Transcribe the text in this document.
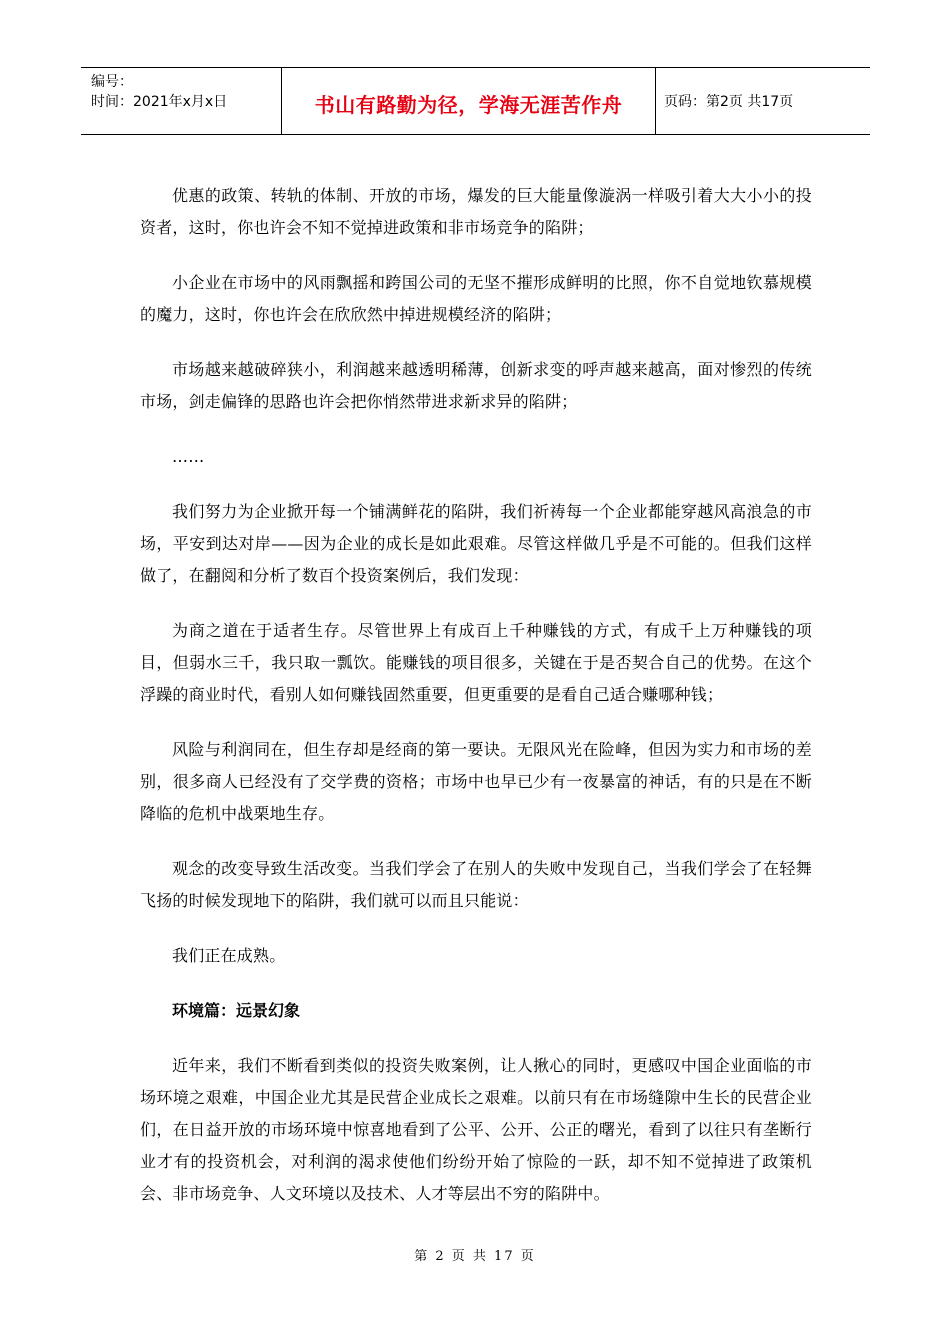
编号：
时间：2021年x月x日	书山有路勤为径，学海无涯苦作舟	页码：第2页 共17页

优惠的政策、转轨的体制、开放的市场，爆发的巨大能量像漩涡一样吸引着大大小小的投资者，这时，你也许会不知不觉掉进政策和非市场竞争的陷阱；

小企业在市场中的风雨飘摇和跨国公司的无坚不摧形成鲜明的比照，你不自觉地钦慕规模的魔力，这时，你也许会在欣欣然中掉进规模经济的陷阱；

市场越来越破碎狭小，利润越来越透明稀薄，创新求变的呼声越来越高，面对惨烈的传统市场，剑走偏锋的思路也许会把你悄然带进求新求异的陷阱；

……

我们努力为企业掀开每一个铺满鲜花的陷阱，我们祈祷每一个企业都能穿越风高浪急的市场，平安到达对岸——因为企业的成长是如此艰难。尽管这样做几乎是不可能的。但我们这样做了，在翻阅和分析了数百个投资案例后，我们发现：

为商之道在于适者生存。尽管世界上有成百上千种赚钱的方式，有成千上万种赚钱的项目，但弱水三千，我只取一瓢饮。能赚钱的项目很多，关键在于是否契合自己的优势。在这个浮躁的商业时代，看别人如何赚钱固然重要，但更重要的是看自己适合赚哪种钱；

风险与利润同在，但生存却是经商的第一要诀。无限风光在险峰，但因为实力和市场的差别，很多商人已经没有了交学费的资格；市场中也早已少有一夜暴富的神话，有的只是在不断降临的危机中战栗地生存。

观念的改变导致生活改变。当我们学会了在别人的失败中发现自己，当我们学会了在轻舞飞扬的时候发现地下的陷阱，我们就可以而且只能说：

我们正在成熟。

环境篇：远景幻象

近年来，我们不断看到类似的投资失败案例，让人揪心的同时，更感叹中国企业面临的市场环境之艰难，中国企业尤其是民营企业成长之艰难。以前只有在市场缝隙中生长的民营企业们，在日益开放的市场环境中惊喜地看到了公平、公开、公正的曙光，看到了以往只有垄断行业才有的投资机会，对利润的渴求使他们纷纷开始了惊险的一跃，却不知不觉掉进了政策机会、非市场竞争、人文环境以及技术、人才等层出不穷的陷阱中。

第 2 页 共 17 页
